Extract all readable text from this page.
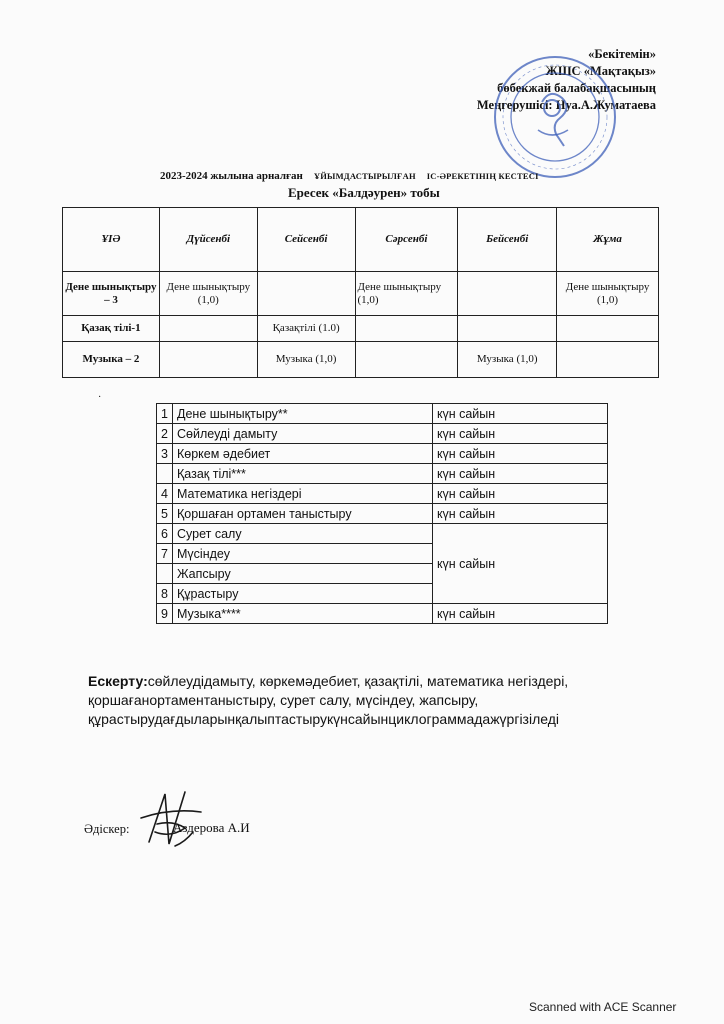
«Бекітемін»
ЖШС «Мақтақыз»
бөбекжай балабақшасының
Меңгерушісі: Нуа.А.Жуматаева
2023-2024 жылына арналған ҰЙЫМДАСТЫРЫЛҒАН ІС-ӘРЕКЕТІНІҢ КЕСТЕСІ
Ересек «Балдәурен» тобы
ҰІӘ	Дүйсенбі	Сейсенбі	Сәрсенбі	Бейсенбі	Жұма
Дене шынықтыру – 3	Дене шынықтыру (1,0)		Дене шынықтыру (1,0)		Дене шынықтыру (1,0)
Қазақ тілі-1		Қазақтілі (1.0)			
Музыка – 2		Музыка (1,0)		Музыка (1,0)	
·
1	Дене шынықтыру**	күн сайын
2	Сөйлеуді дамыту	күн сайын
3	Көркем әдебиет	күн сайын
	Қазақ тілі***	күн сайын
4	Математика негіздері	күн сайын
5	Қоршаған ортамен таныстыру	күн сайын
6	Сурет салу	күн сайын
7	Мүсіндеу	
	Жапсыру	
8	Құрастыру	
9	Музыка****	күн сайын
Ескерту:сөйлеудідамыту, көркемәдебиет, қазақтілі, математика негіздері, қоршағанортаментаныстыру, сурет салу, мүсіндеу, жапсыру, құрастырудағдыларынқалыптастырукүнсайынциклограммадажүргізіледі
Әдіскер:	Аздерова А.И
Scanned with ACE Scanner
